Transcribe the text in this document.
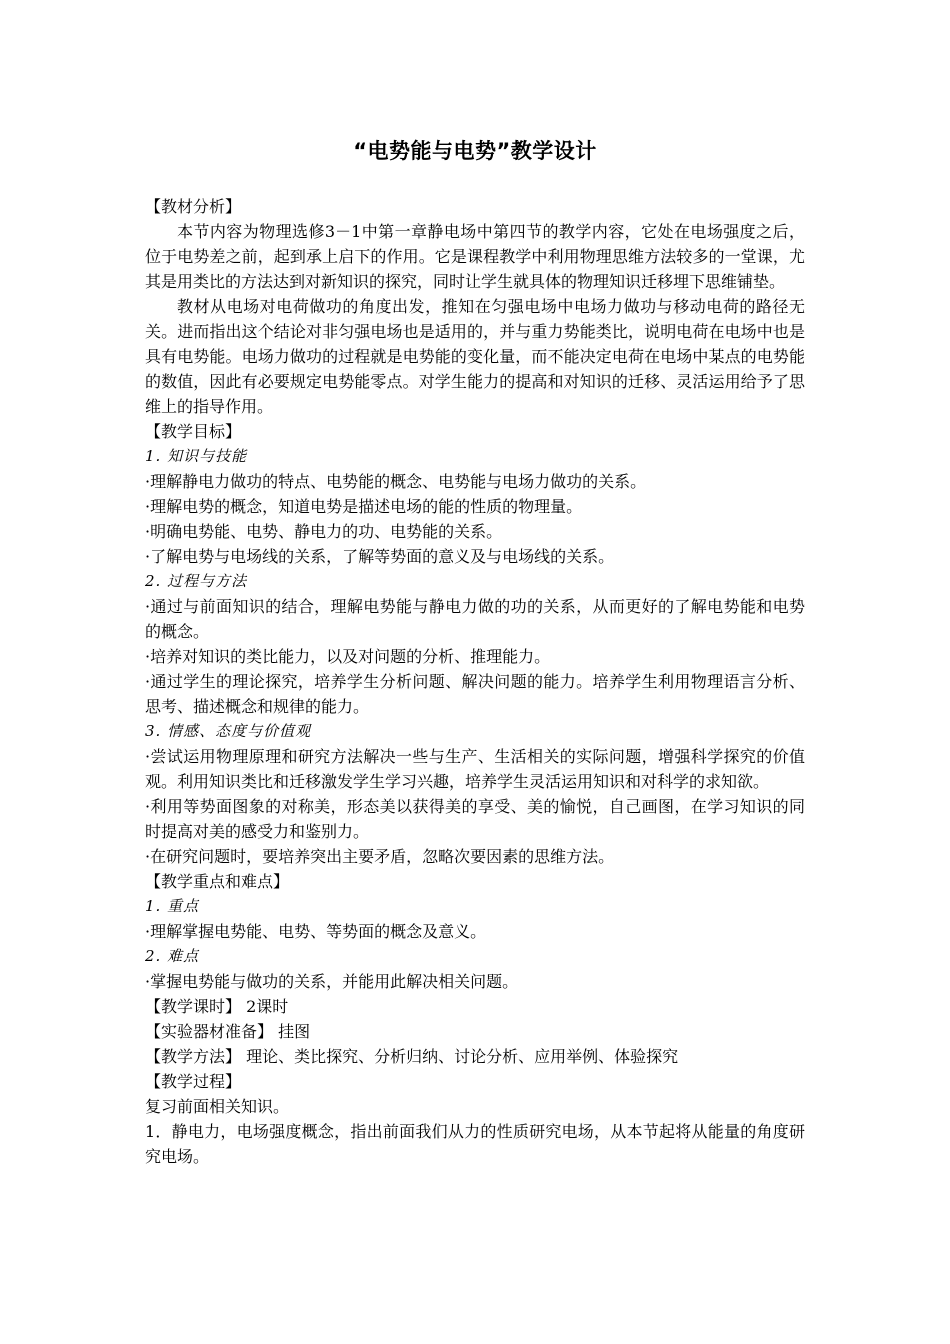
“电势能与电势”教学设计

【教材分析】

本节内容为物理选修3－1中第一章静电场中第四节的教学内容，它处在电场强度之后，位于电势差之前，起到承上启下的作用。它是课程教学中利用物理思维方法较多的一堂课，尤其是用类比的方法达到对新知识的探究，同时让学生就具体的物理知识迁移埋下思维铺垫。

教材从电场对电荷做功的角度出发，推知在匀强电场中电场力做功与移动电荷的路径无关。进而指出这个结论对非匀强电场也是适用的，并与重力势能类比，说明电荷在电场中也是具有电势能。电场力做功的过程就是电势能的变化量，而不能决定电荷在电场中某点的电势能的数值，因此有必要规定电势能零点。对学生能力的提高和对知识的迁移、灵活运用给予了思维上的指导作用。

【教学目标】

1. 知识与技能

·理解静电力做功的特点、电势能的概念、电势能与电场力做功的关系。

·理解电势的概念，知道电势是描述电场的能的性质的物理量。

·明确电势能、电势、静电力的功、电势能的关系。

·了解电势与电场线的关系，了解等势面的意义及与电场线的关系。

2. 过程与方法

·通过与前面知识的结合，理解电势能与静电力做的功的关系，从而更好的了解电势能和电势的概念。

·培养对知识的类比能力，以及对问题的分析、推理能力。

·通过学生的理论探究，培养学生分析问题、解决问题的能力。培养学生利用物理语言分析、思考、描述概念和规律的能力。

3. 情感、态度与价值观

·尝试运用物理原理和研究方法解决一些与生产、生活相关的实际问题，增强科学探究的价值观。利用知识类比和迁移激发学生学习兴趣，培养学生灵活运用知识和对科学的求知欲。

·利用等势面图象的对称美，形态美以获得美的享受、美的愉悦，自己画图，在学习知识的同时提高对美的感受力和鉴别力。

·在研究问题时，要培养突出主要矛盾，忽略次要因素的思维方法。

【教学重点和难点】

1. 重点

·理解掌握电势能、电势、等势面的概念及意义。

2. 难点

·掌握电势能与做功的关系，并能用此解决相关问题。

【教学课时】 2课时

【实验器材准备】 挂图

【教学方法】 理论、类比探究、分析归纳、讨论分析、应用举例、体验探究

【教学过程】

复习前面相关知识。

1．静电力，电场强度概念，指出前面我们从力的性质研究电场，从本节起将从能量的角度研究电场。
